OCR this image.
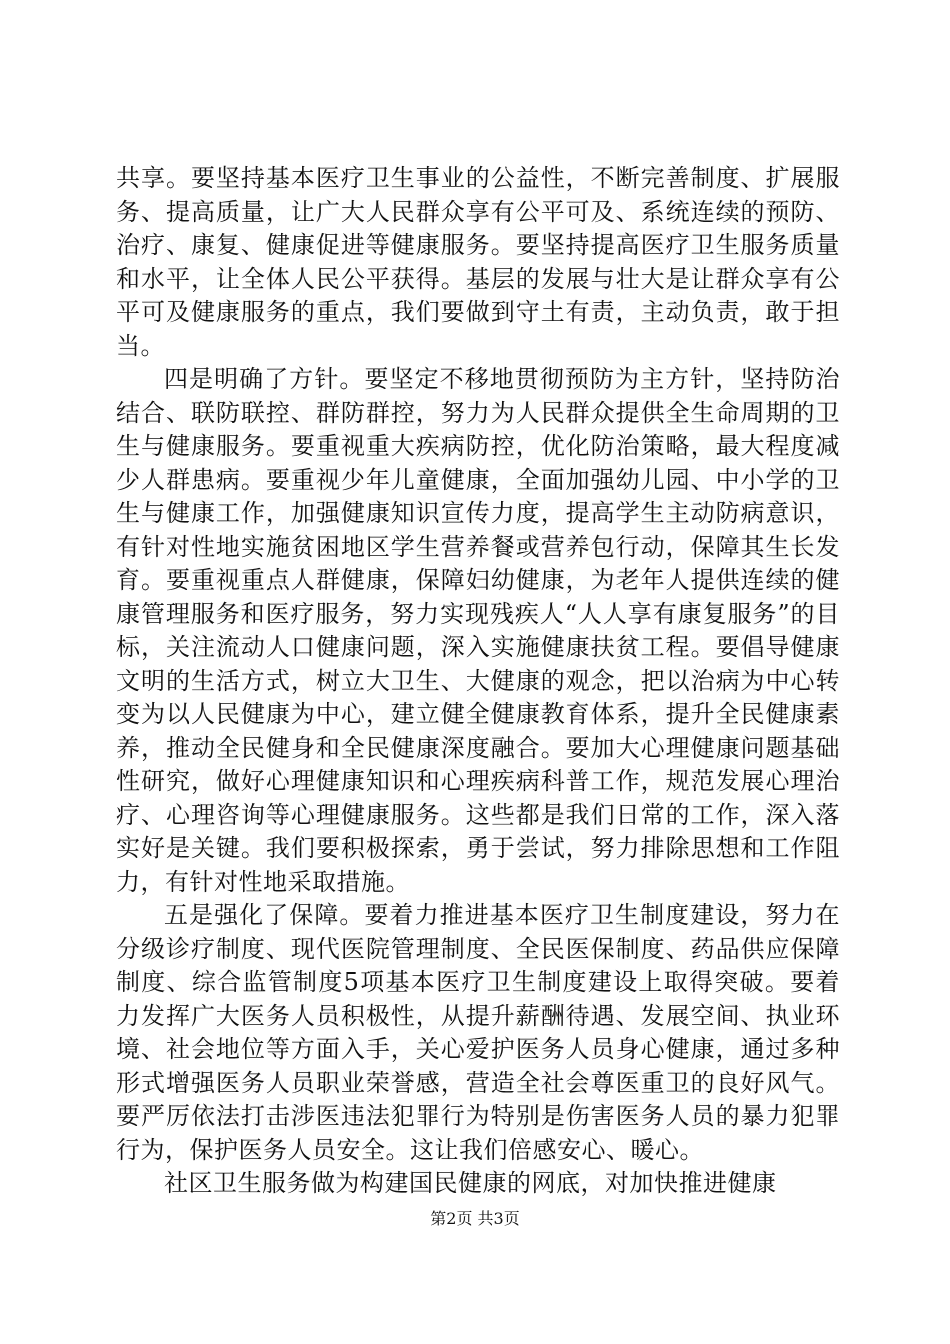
共享。要坚持基本医疗卫生事业的公益性，不断完善制度、扩展服务、提高质量，让广大人民群众享有公平可及、系统连续的预防、治疗、康复、健康促进等健康服务。要坚持提高医疗卫生服务质量和水平，让全体人民公平获得。基层的发展与壮大是让群众享有公平可及健康服务的重点，我们要做到守土有责，主动负责，敢于担当。

四是明确了方针。要坚定不移地贯彻预防为主方针，坚持防治结合、联防联控、群防群控，努力为人民群众提供全生命周期的卫生与健康服务。要重视重大疾病防控，优化防治策略，最大程度减少人群患病。要重视少年儿童健康，全面加强幼儿园、中小学的卫生与健康工作，加强健康知识宣传力度，提高学生主动防病意识，有针对性地实施贫困地区学生营养餐或营养包行动，保障其生长发育。要重视重点人群健康，保障妇幼健康，为老年人提供连续的健康管理服务和医疗服务，努力实现残疾人“人人享有康复服务”的目标，关注流动人口健康问题，深入实施健康扶贫工程。要倡导健康文明的生活方式，树立大卫生、大健康的观念，把以治病为中心转变为以人民健康为中心，建立健全健康教育体系，提升全民健康素养，推动全民健身和全民健康深度融合。要加大心理健康问题基础性研究，做好心理健康知识和心理疾病科普工作，规范发展心理治疗、心理咨询等心理健康服务。这些都是我们日常的工作，深入落实好是关键。我们要积极探索，勇于尝试，努力排除思想和工作阻力，有针对性地采取措施。

五是强化了保障。要着力推进基本医疗卫生制度建设，努力在分级诊疗制度、现代医院管理制度、全民医保制度、药品供应保障制度、综合监管制度5项基本医疗卫生制度建设上取得突破。要着力发挥广大医务人员积极性，从提升薪酬待遇、发展空间、执业环境、社会地位等方面入手，关心爱护医务人员身心健康，通过多种形式增强医务人员职业荣誉感，营造全社会尊医重卫的良好风气。要严厉依法打击涉医违法犯罪行为特别是伤害医务人员的暴力犯罪行为，保护医务人员安全。这让我们倍感安心、暖心。

社区卫生服务做为构建国民健康的网底，对加快推进健康

第2页 共3页
